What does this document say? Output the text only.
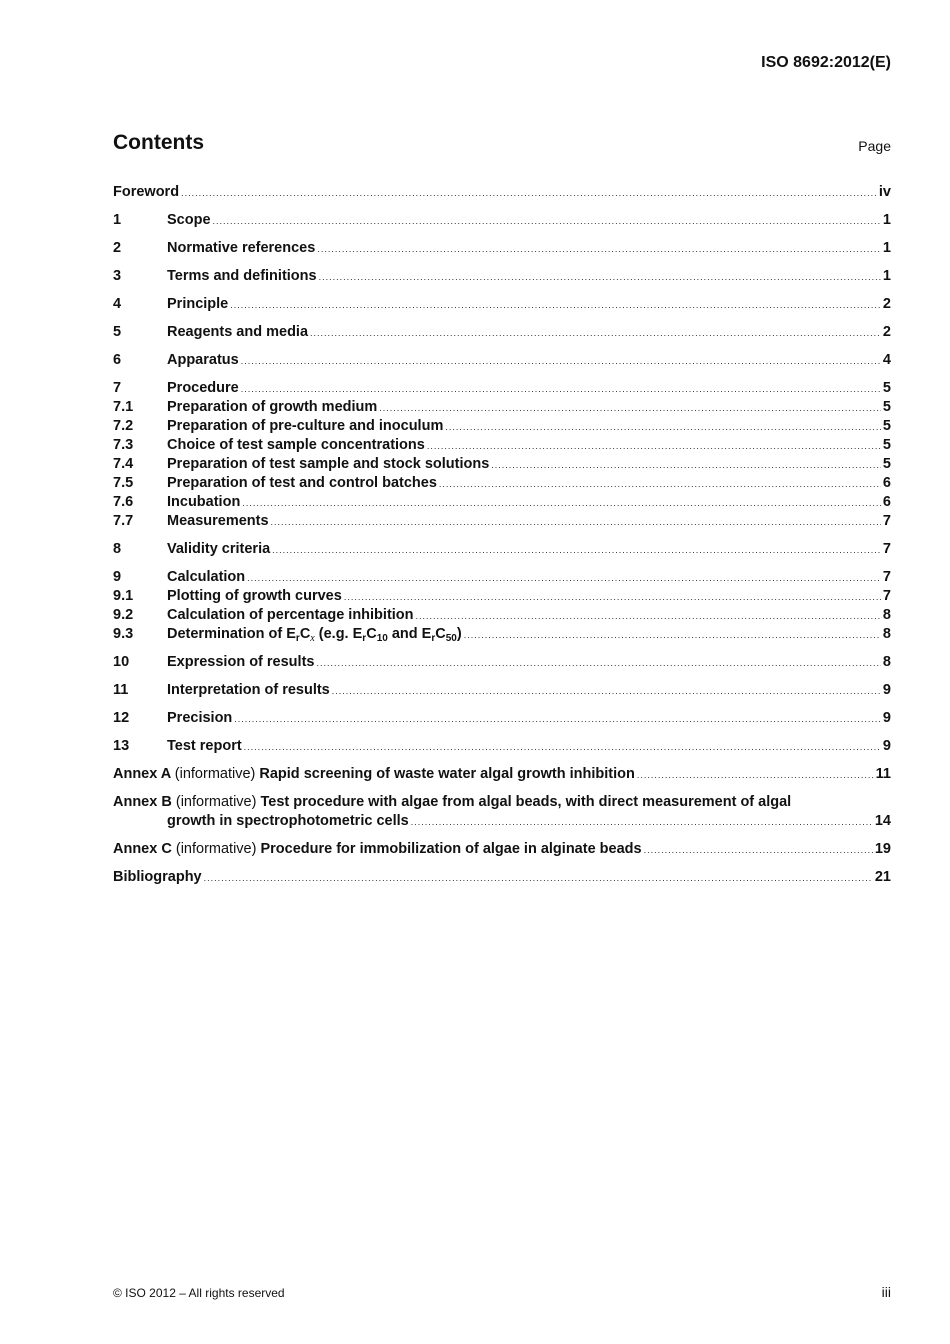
ISO 8692:2012(E)
Contents	Page
Foreword .....	iv
1	Scope .....	1
2	Normative references .....	1
3	Terms and definitions .....	1
4	Principle .....	2
5	Reagents and media .....	2
6	Apparatus .....	4
7	Procedure .....	5
7.1	Preparation of growth medium .....	5
7.2	Preparation of pre-culture and inoculum .....	5
7.3	Choice of test sample concentrations .....	5
7.4	Preparation of test sample and stock solutions .....	5
7.5	Preparation of test and control batches .....	6
7.6	Incubation .....	6
7.7	Measurements .....	7
8	Validity criteria .....	7
9	Calculation .....	7
9.1	Plotting of growth curves .....	7
9.2	Calculation of percentage inhibition .....	8
9.3	Determination of $E_rC_x$ (e.g. $E_rC_{10}$ and $E_rC_{50}$) .....	8
10	Expression of results .....	8
11	Interpretation of results .....	9
12	Precision .....	9
13	Test report .....	9
Annex A (informative) Rapid screening of waste water algal growth inhibition .....	11
Annex B (informative) Test procedure with algae from algal beads, with direct measurement of algal
growth in spectrophotometric cells .....	14
Annex C (informative) Procedure for immobilization of algae in alginate beads .....	19
Bibliography .....	21
© ISO 2012 – All rights reserved	iii
